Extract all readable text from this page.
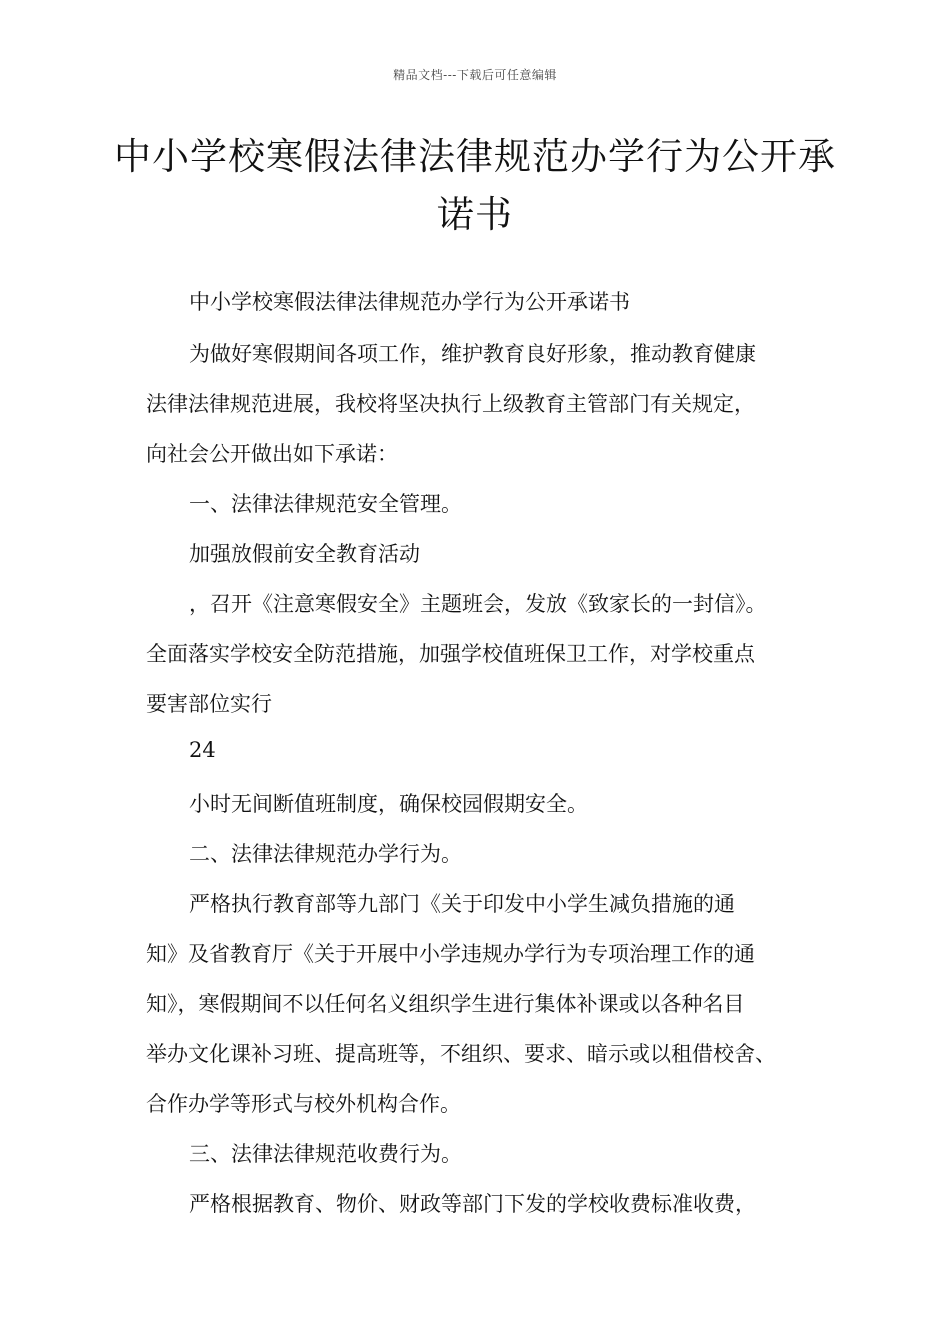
精品文档---下载后可任意编辑
中小学校寒假法律法律规范办学行为公开承诺书
中小学校寒假法律法律规范办学行为公开承诺书
为做好寒假期间各项工作，维护教育良好形象，推动教育健康
法律法律规范进展，我校将坚决执行上级教育主管部门有关规定，
向社会公开做出如下承诺：
一、法律法律规范安全管理。
加强放假前安全教育活动
，召开《注意寒假安全》主题班会，发放《致家长的一封信》。
全面落实学校安全防范措施，加强学校值班保卫工作，对学校重点
要害部位实行
24
小时无间断值班制度，确保校园假期安全。
二、法律法律规范办学行为。
严格执行教育部等九部门《关于印发中小学生减负措施的通
知》及省教育厅《关于开展中小学违规办学行为专项治理工作的通
知》，寒假期间不以任何名义组织学生进行集体补课或以各种名目
举办文化课补习班、提高班等，不组织、要求、暗示或以租借校舍、
合作办学等形式与校外机构合作。
三、法律法律规范收费行为。
严格根据教育、物价、财政等部门下发的学校收费标准收费，
